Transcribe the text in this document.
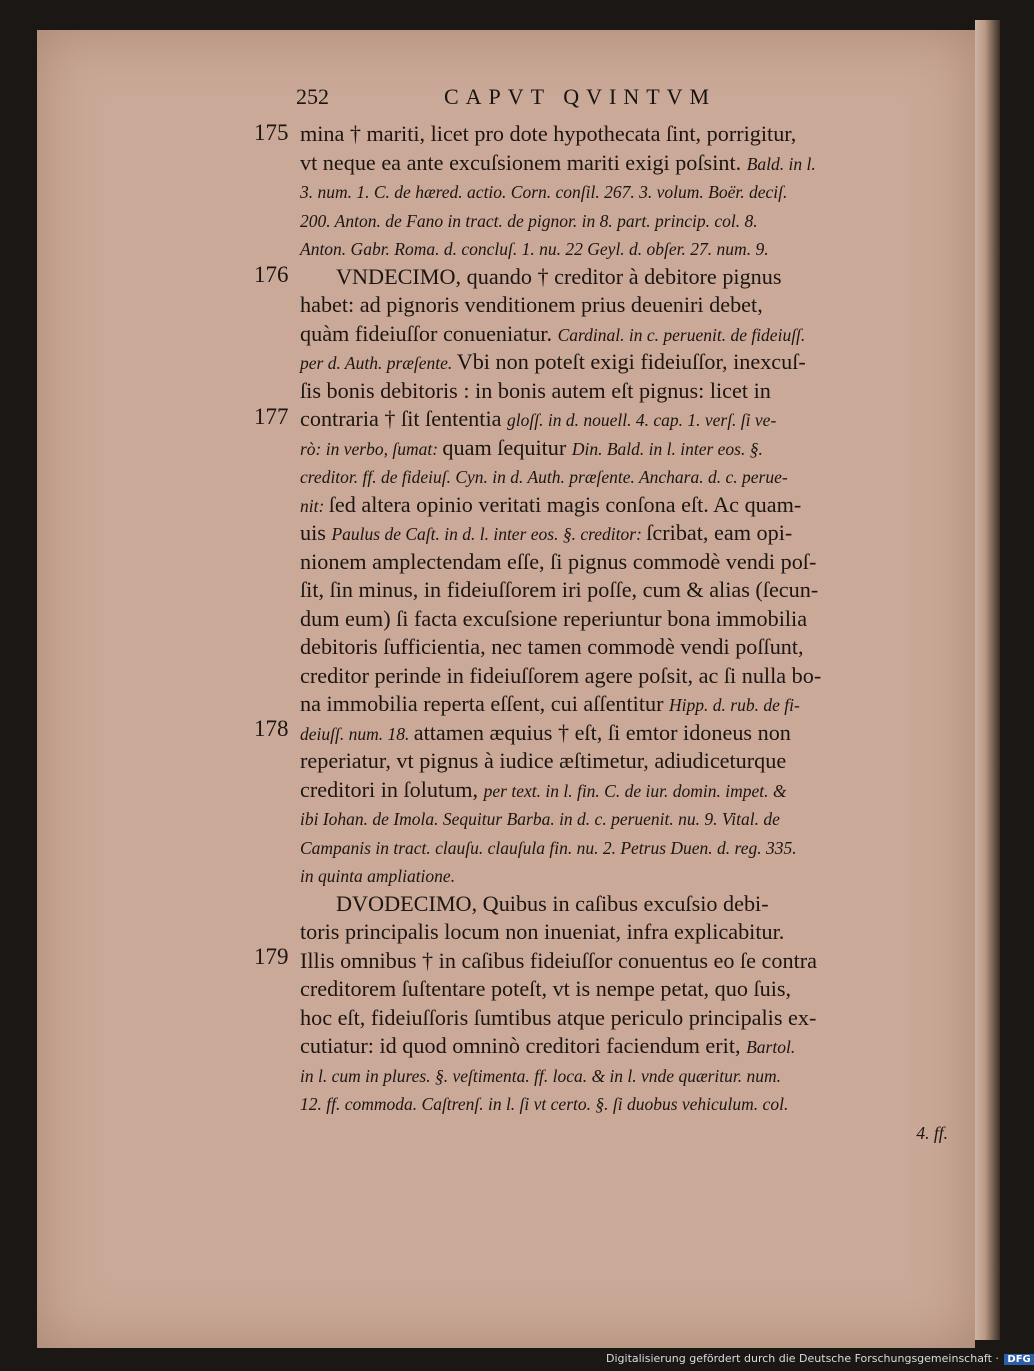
252	CAPVT QVINTVM
175
176
177
178
179
mina † mariti, licet pro dote hypothecata ſint, porrigitur,
vt neque ea ante excuſsionem mariti exigi poſsint. Bald. in l.
3. num. 1. C. de hæred. actio. Corn. conſil. 267. 3. volum. Boër. deciſ.
200. Anton. de Fano in tract. de pignor. in 8. part. princip. col. 8.
Anton. Gabr. Roma. d. concluſ. 1. nu. 22 Geyl. d. obſer. 27. num. 9.
VNDECIMO, quando † creditor à debitore pignus
habet: ad pignoris venditionem prius deueniri debet,
quàm fideiuſſor conueniatur. Cardinal. in c. peruenit. de fideiuſſ.
per d. Auth. præſente. Vbi non poteſt exigi fideiuſſor, inexcuſ-
ſis bonis debitoris : in bonis autem eſt pignus: licet in
contraria † ſit ſententia gloſſ. in d. nouell. 4. cap. 1. verſ. ſi ve-
rò: in verbo, ſumat: quam ſequitur Din. Bald. in l. inter eos. §.
creditor. ff. de fideiuſ. Cyn. in d. Auth. præſente. Anchara. d. c. perue-
nit: ſed altera opinio veritati magis conſona eſt. Ac quam-
uis Paulus de Caſt. in d. l. inter eos. §. creditor: ſcribat, eam opi-
nionem amplectendam eſſe, ſi pignus commodè vendi poſ-
ſit, ſin minus, in fideiuſſorem iri poſſe, cum & alias (ſecun-
dum eum) ſi facta excuſsione reperiuntur bona immobilia
debitoris ſufficientia, nec tamen commodè vendi poſſunt,
creditor perinde in fideiuſſorem agere poſsit, ac ſi nulla bo-
na immobilia reperta eſſent, cui aſſentitur Hipp. d. rub. de fi-
deiuſſ. num. 18. attamen æquius † eſt, ſi emtor idoneus non
reperiatur, vt pignus à iudice æſtimetur, adiudiceturque
creditori in ſolutum, per text. in l. fin. C. de iur. domin. impet. &
ibi Iohan. de Imola. Sequitur Barba. in d. c. peruenit. nu. 9. Vital. de
Campanis in tract. clauſu. clauſula fin. nu. 2. Petrus Duen. d. reg. 335.
in quinta ampliatione.
DVODECIMO, Quibus in caſibus excuſsio debi-
toris principalis locum non inueniat, infra explicabitur.
Illis omnibus † in caſibus fideiuſſor conuentus eo ſe contra
creditorem ſuſtentare poteſt, vt is nempe petat, quo ſuis,
hoc eſt, fideiuſſoris ſumtibus atque periculo principalis ex-
cutiatur: id quod omninò creditori faciendum erit, Bartol.
in l. cum in plures. §. veſtimenta. ff. loca. & in l. vnde quæritur. num.
12. ff. commoda. Caſtrenſ. in l. ſi vt certo. §. ſi duobus vehiculum. col.
4. ff.
Digitalisierung gefördert durch die Deutsche Forschungsgemeinschaft · DFG
